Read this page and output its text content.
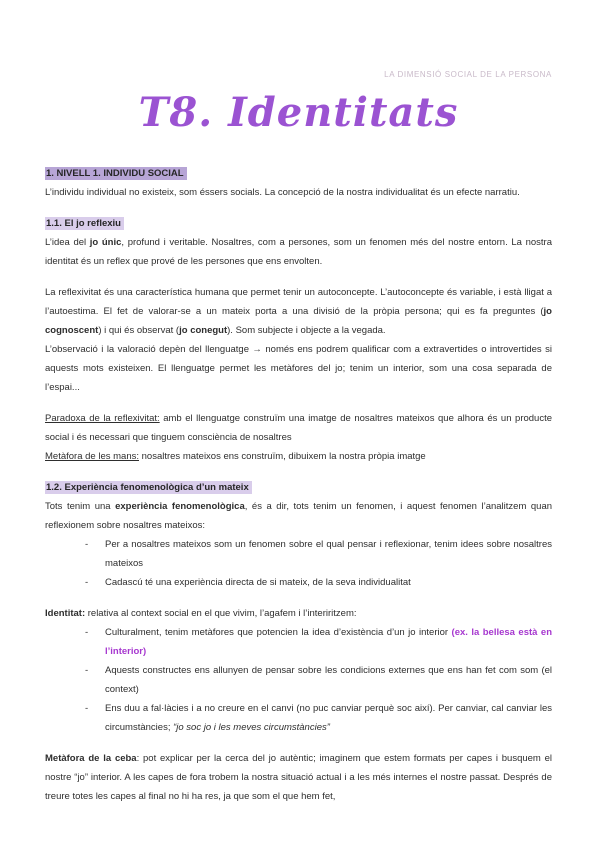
LA DIMENSIÓ SOCIAL DE LA PERSONA
T8. Identitats
1. NIVELL 1. INDIVIDU SOCIAL

L’individu individual no existeix, som éssers socials. La concepció de la nostra individualitat és un efecte narratiu.

1.1. El jo reflexiu

L’idea del jo únic, profund i veritable. Nosaltres, com a persones, som un fenomen més del nostre entorn. La nostra identitat és un reflex que prové de les persones que ens envolten.

La reflexivitat és una característica humana que permet tenir un autoconcepte. L’autoconcepte és variable, i està lligat a l’autoestima. El fet de valorar-se a un mateix porta a una divisió de la pròpia persona; qui es fa preguntes (jo cognoscent) i qui és observat (jo conegut). Som subjecte i objecte a la vegada.
L’observació i la valoració depèn del llenguatge → només ens podrem qualificar com a extravertides o introvertides si aquests mots existeixen. El llenguatge permet les metàfores del jo; tenim un interior, som una cosa separada de l’espai...

Paradoxa de la reflexivitat: amb el llenguatge construïm una imatge de nosaltres mateixos que alhora és un producte social i és necessari que tinguem consciència de nosaltres
Metàfora de les mans: nosaltres mateixos ens construïm, dibuixem la nostra pròpia imatge

1.2. Experiència fenomenològica d’un mateix

Tots tenim una experiència fenomenològica, és a dir, tots tenim un fenomen, i aquest fenomen l’analitzem quan reflexionem sobre nosaltres mateixos:

-	Per a nosaltres mateixos som un fenomen sobre el qual pensar i reflexionar, tenim idees sobre nosaltres mateixos
-	Cadascú té una experiència directa de si mateix, de la seva individualitat

Identitat: relativa al context social en el que vivim, l’agafem i l’interiritzem:

-	Culturalment, tenim metàfores que potencien la idea d’existència d’un jo interior (ex. la bellesa està en l’interior)
-	Aquests constructes ens allunyen de pensar sobre les condicions externes que ens han fet com som (el context)
-	Ens duu a fal·làcies i a no creure en el canvi (no puc canviar perquè soc així). Per canviar, cal canviar les circumstàncies; “jo soc jo i les meves circumstàncies”

Metàfora de la ceba: pot explicar per la cerca del jo autèntic; imaginem que estem formats per capes i busquem el nostre “jo” interior. A les capes de fora trobem la nostra situació actual i a les més internes el nostre passat. Després de treure totes les capes al final no hi ha res, ja que som el que hem fet,
